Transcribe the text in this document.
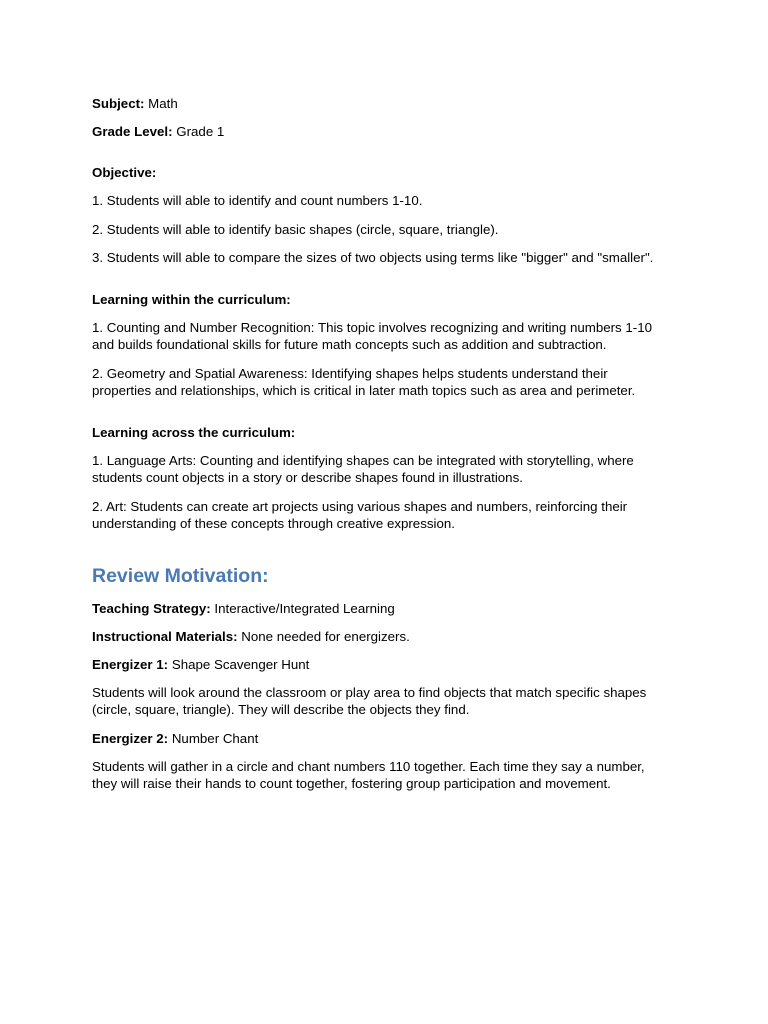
Subject: Math
Grade Level: Grade 1
Objective:

1. Students will able to identify and count numbers 1-10.

2. Students will able to identify basic shapes (circle, square, triangle).

3. Students will able to compare the sizes of two objects using terms like "bigger" and "smaller".

Learning within the curriculum:

1. Counting and Number Recognition: This topic involves recognizing and writing numbers 1-10 and builds foundational skills for future math concepts such as addition and subtraction.

2. Geometry and Spatial Awareness: Identifying shapes helps students understand their properties and relationships, which is critical in later math topics such as area and perimeter.

Learning across the curriculum:

1. Language Arts: Counting and identifying shapes can be integrated with storytelling, where students count objects in a story or describe shapes found in illustrations.

2. Art: Students can create art projects using various shapes and numbers, reinforcing their understanding of these concepts through creative expression.

Review Motivation:
Teaching Strategy: Interactive/Integrated Learning
Instructional Materials: None needed for energizers.
Energizer 1: Shape Scavenger Hunt

Students will look around the classroom or play area to find objects that match specific shapes (circle, square, triangle). They will describe the objects they find.

Energizer 2: Number Chant

Students will gather in a circle and chant numbers 110 together. Each time they say a number, they will raise their hands to count together, fostering group participation and movement.
